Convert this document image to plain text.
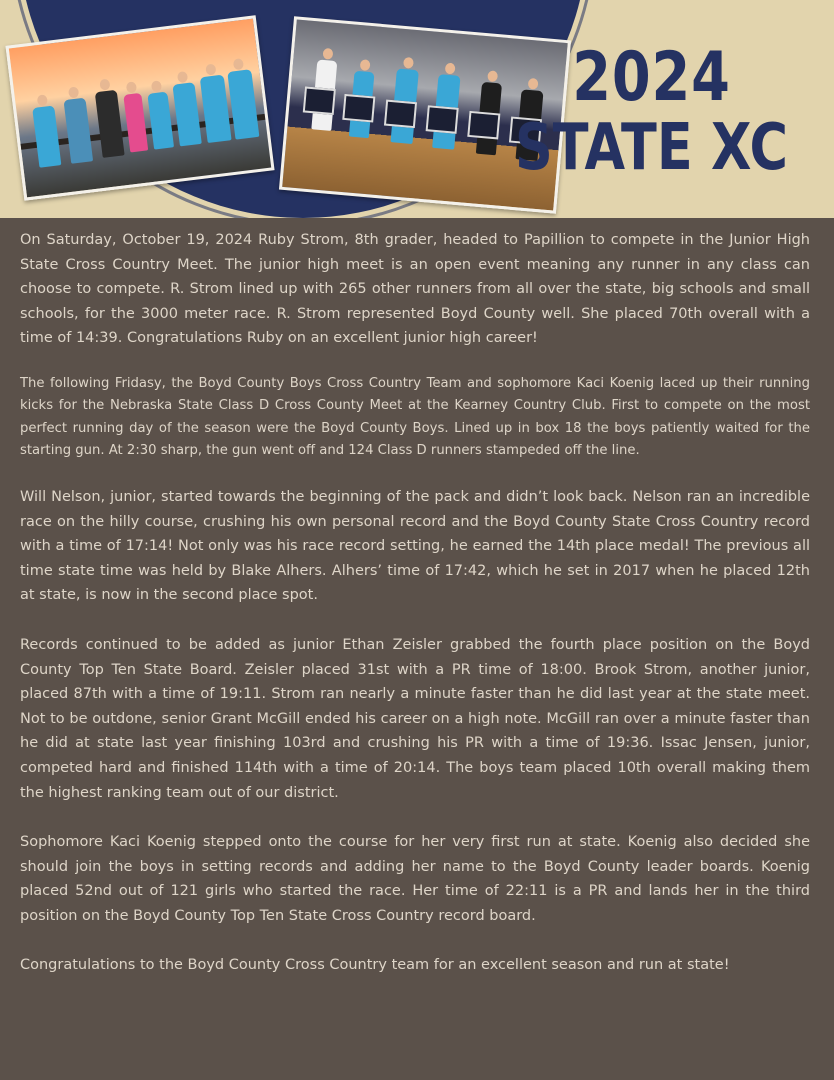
2024
STATE XC

On Saturday, October 19, 2024 Ruby Strom, 8th grader, headed to Papillion to compete in the Junior High State Cross Country Meet. The junior high meet is an open event meaning any runner in any class can choose to compete. R. Strom lined up with 265 other runners from all over the state, big schools and small schools, for the 3000 meter race. R. Strom represented Boyd County well. She placed 70th overall with a time of 14:39. Congratulations Ruby on an excellent junior high career!

The following Fridasy, the Boyd County Boys Cross Country Team and sophomore Kaci Koenig laced up their running kicks for the Nebraska State Class D Cross County Meet at the Kearney Country Club. First to compete on the most perfect running day of the season were the Boyd County Boys. Lined up in box 18 the boys patiently waited for the starting gun. At 2:30 sharp, the gun went off and 124 Class D runners stampeded off the line.

Will Nelson, junior, started towards the beginning of the pack and didn’t look back. Nelson ran an incredible race on the hilly course, crushing his own personal record and the Boyd County State Cross Country record with a time of 17:14! Not only was his race record setting, he earned the 14th place medal! The previous all time state time was held by Blake Alhers. Alhers’ time of 17:42, which he set in 2017 when he placed 12th at state, is now in the second place spot.

Records continued to be added as junior Ethan Zeisler grabbed the fourth place position on the Boyd County Top Ten State Board. Zeisler placed 31st with a PR time of 18:00. Brook Strom, another junior, placed 87th with a time of 19:11. Strom ran nearly a minute faster than he did last year at the state meet. Not to be outdone, senior Grant McGill ended his career on a high note. McGill ran over a minute faster than he did at state last year finishing 103rd and crushing his PR with a time of 19:36. Issac Jensen, junior, competed hard and finished 114th with a time of 20:14. The boys team placed 10th overall making them the highest ranking team out of our district.

Sophomore Kaci Koenig stepped onto the course for her very first run at state. Koenig also decided she should join the boys in setting records and adding her name to the Boyd County leader boards. Koenig placed 52nd out of 121 girls who started the race. Her time of 22:11 is a PR and lands her in the third position on the Boyd County Top Ten State Cross Country record board.

Congratulations to the Boyd County Cross Country team for an excellent season and run at state!
